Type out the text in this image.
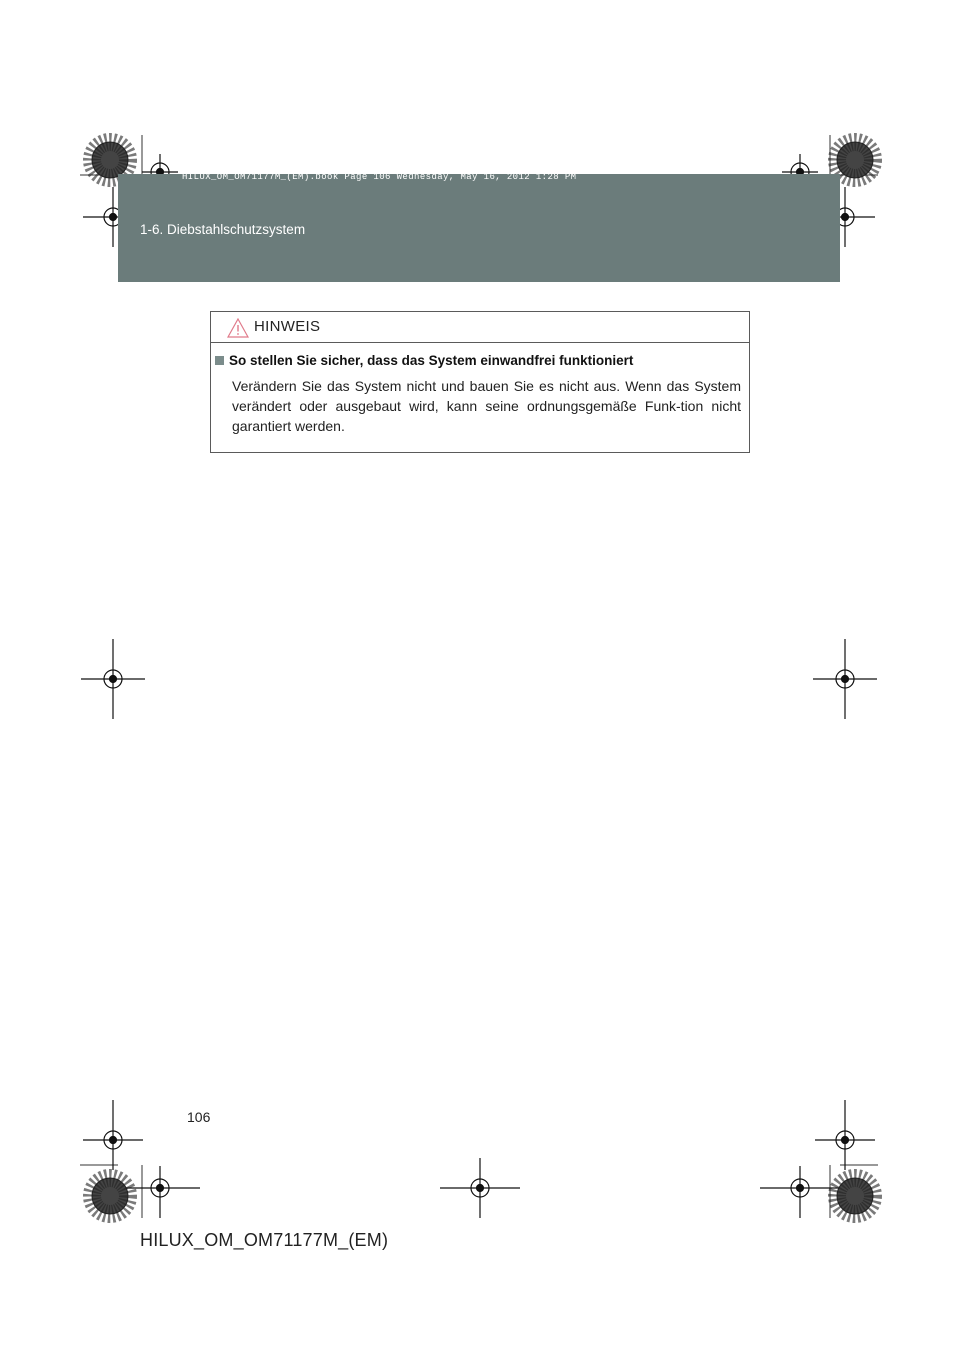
HILUX_OM_OM71177M_(EM).book Page 106 Wednesday, May 16, 2012 1:28 PM
1-6. Diebstahlschutzsystem
HINWEIS
So stellen Sie sicher, dass das System einwandfrei funktioniert

Verändern Sie das System nicht und bauen Sie es nicht aus. Wenn das System verändert oder ausgebaut wird, kann seine ordnungsgemäße Funk-tion nicht garantiert werden.

106
HILUX_OM_OM71177M_(EM)
